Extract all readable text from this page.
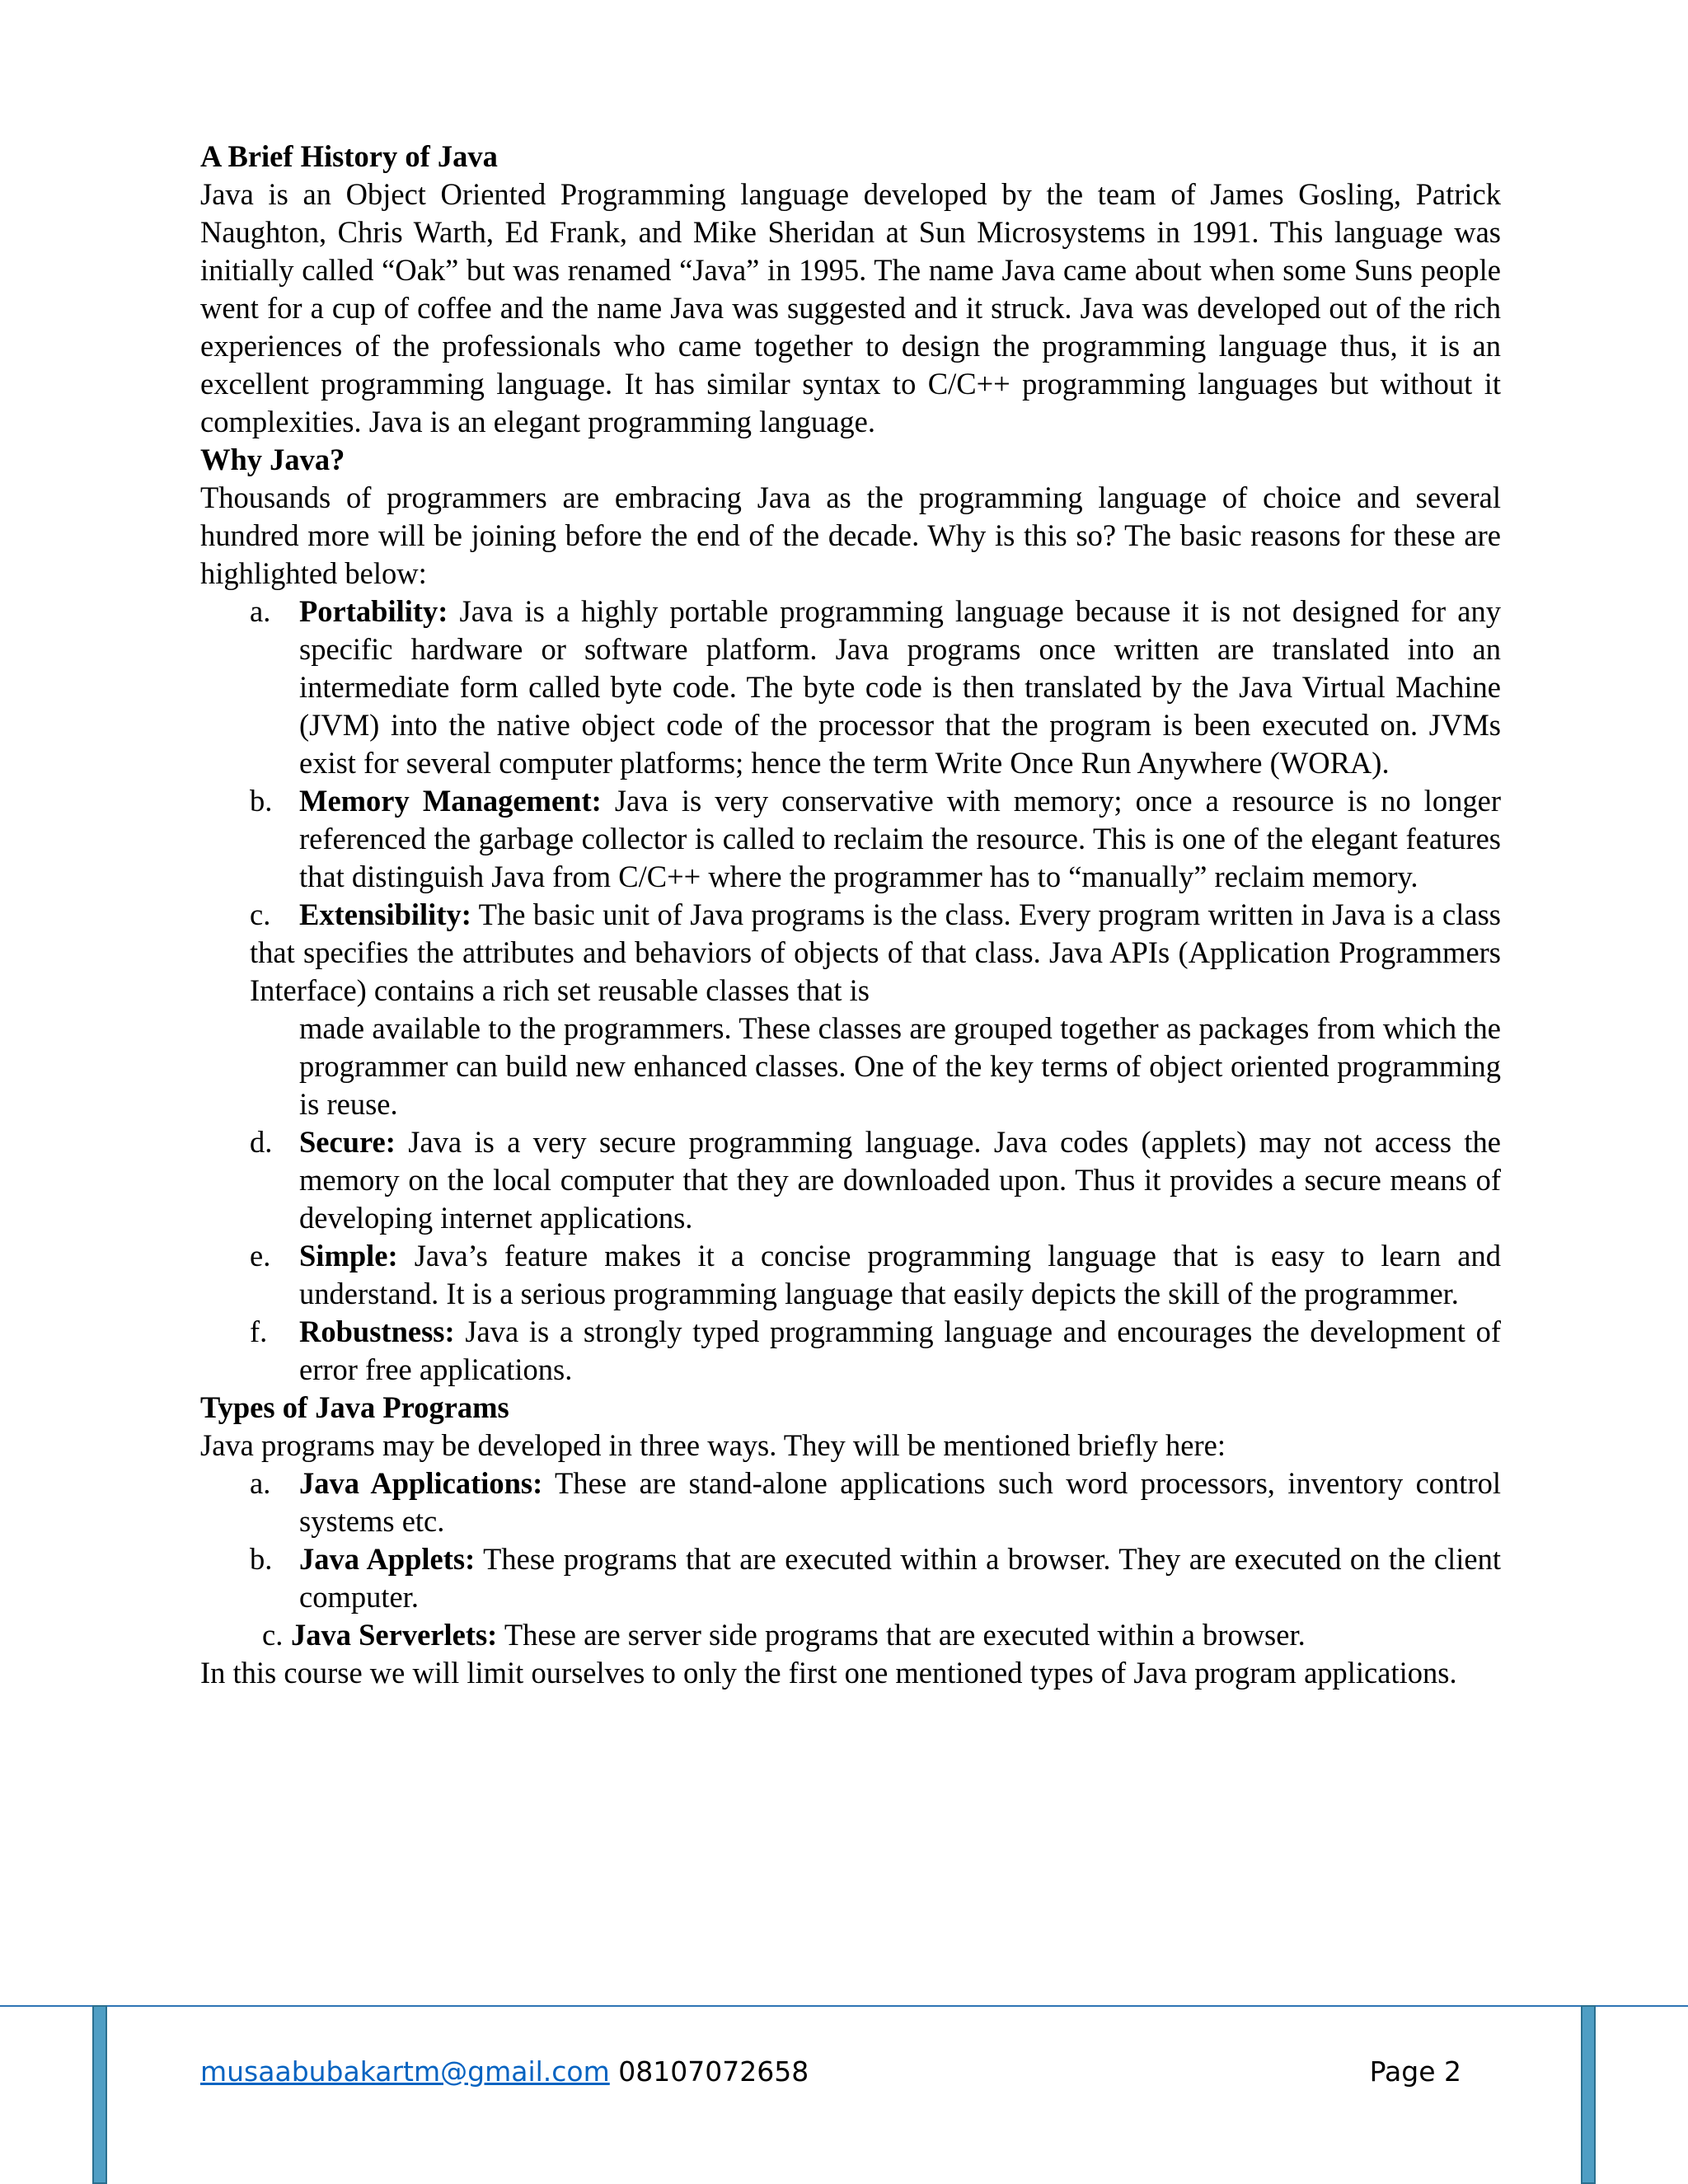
A Brief History of Java

Java is an Object Oriented Programming language developed by the team of James Gosling, Patrick Naughton, Chris Warth, Ed Frank, and Mike Sheridan at Sun Microsystems in 1991. This language was initially called “Oak” but was renamed “Java” in 1995. The name Java came about when some Suns people went for a cup of coffee and the name Java was suggested and it struck. Java was developed out of the rich experiences of the professionals who came together to design the programming language thus, it is an excellent programming language. It has similar syntax to C/C++ programming languages but without it complexities. Java is an elegant programming language.

Why Java?

Thousands of programmers are embracing Java as the programming language of choice and several hundred more will be joining before the end of the decade. Why is this so? The basic reasons for these are highlighted below:

a. Portability: Java is a highly portable programming language because it is not designed for any specific hardware or software platform. Java programs once written are translated into an intermediate form called byte code. The byte code is then translated by the Java Virtual Machine (JVM) into the native object code of the processor that the program is been executed on. JVMs exist for several computer platforms; hence the term Write Once Run Anywhere (WORA).
b. Memory Management: Java is very conservative with memory; once a resource is no longer referenced the garbage collector is called to reclaim the resource. This is one of the elegant features that distinguish Java from C/C++ where the programmer has to “manually” reclaim memory.
c. Extensibility: The basic unit of Java programs is the class. Every program written in Java is a class that specifies the attributes and behaviors of objects of that class. Java APIs (Application Programmers Interface) contains a rich set reusable classes that is
made available to the programmers. These classes are grouped together as packages from which the programmer can build new enhanced classes. One of the key terms of object oriented programming is reuse.
d. Secure: Java is a very secure programming language. Java codes (applets) may not access the memory on the local computer that they are downloaded upon. Thus it provides a secure means of developing internet applications.
e. Simple: Java’s feature makes it a concise programming language that is easy to learn and understand. It is a serious programming language that easily depicts the skill of the programmer.
f. Robustness: Java is a strongly typed programming language and encourages the development of error free applications.
Types of Java Programs

Java programs may be developed in three ways. They will be mentioned briefly here:

a. Java Applications: These are stand-alone applications such word processors, inventory control systems etc.
b. Java Applets: These programs that are executed within a browser. They are executed on the client computer.
c. Java Serverlets: These are server side programs that are executed within a browser.

In this course we will limit ourselves to only the first one mentioned types of Java program applications.

musaabubakartm@gmail.com 08107072658	Page 2
